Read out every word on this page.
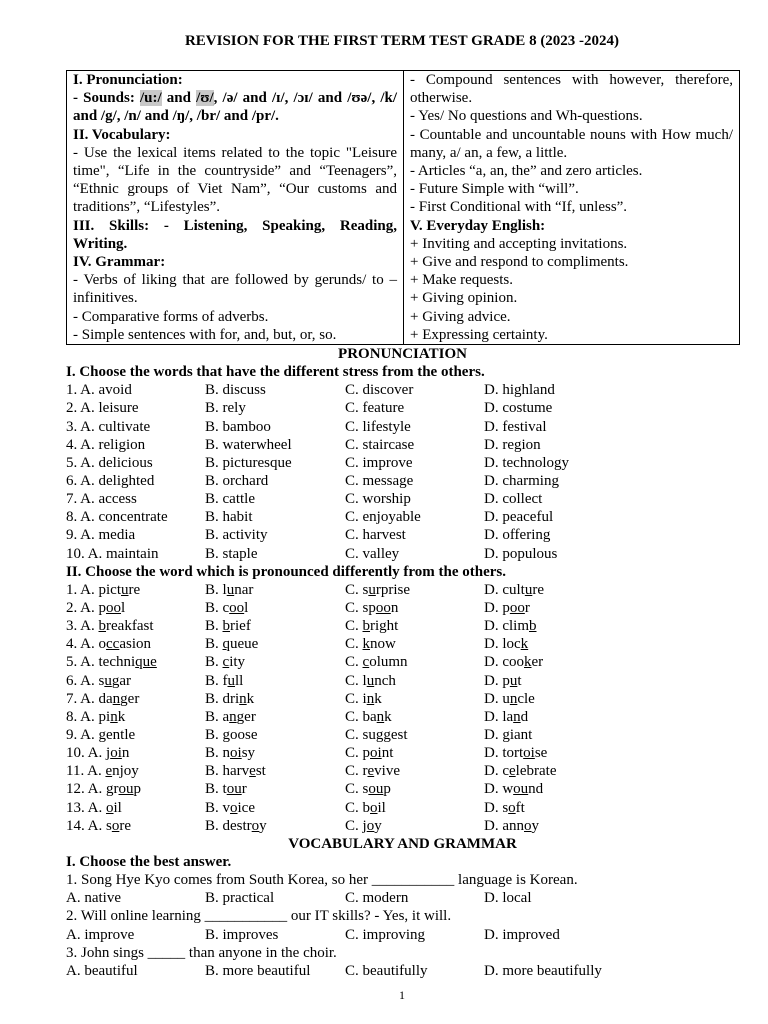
REVISION FOR THE FIRST TERM TEST GRADE 8 (2023 -2024)
I. Pronunciation:
- Sounds: /u:/ and /ʊ/, /ə/ and /ɪ/, /ɔɪ/ and /ʊə/, /k/ and /g/, /n/ and /ŋ/, /br/ and /pr/.
II. Vocabulary:
- Use the lexical items related to the topic "Leisure time", “Life in the countryside” and “Teenagers”, “Ethnic groups of Viet Nam”, “Our customs and traditions”, “Lifestyles”.
III. Skills: - Listening, Speaking, Reading, Writing.
IV. Grammar:
- Verbs of liking that are followed by gerunds/ to –infinitives.
- Comparative forms of adverbs.
- Simple sentences with for, and, but, or, so.

- Compound sentences with however, therefore, otherwise.
- Yes/ No questions and Wh-questions.
- Countable and uncountable nouns with How much/ many, a/ an, a few, a little.
- Articles “a, an, the” and zero articles.
- Future Simple with “will”.
- First Conditional with “If, unless”.
V. Everyday English:
+ Inviting and accepting invitations.
+ Give and respond to compliments.
+ Make requests.
+ Giving opinion.
+ Giving advice.
+ Expressing certainty.
PRONUNCIATION
I. Choose the words that have the different stress from the others.
1. A. avoid	B. discuss	C. discover	D. highland
2. A. leisure	B. rely	C. feature	D. costume
3. A. cultivate	B. bamboo	C. lifestyle	D. festival
4. A. religion	B. waterwheel	C. staircase	D. region
5. A. delicious	B. picturesque	C. improve	D. technology
6. A. delighted	B. orchard	C. message	D. charming
7. A. access	B. cattle	C. worship	D. collect
8. A. concentrate B. habit	C. enjoyable	D. peaceful
9. A. media	B. activity	C. harvest	D. offering
10. A. maintain	B. staple	C. valley	D. populous
II. Choose the word which is pronounced differently from the others.
1. A. picture	B. lunar	C. surprise	D. culture
2. A. pool	B. cool	C. spoon	D. poor
3. A. breakfast	B. brief	C. bright	D. climb
4. A. occasion	B. queue	C. know	D. lock
5. A. technique	B. city	C. column	D. cooker
6. A. sugar	B. full	C. lunch	D. put
7. A. danger	B. drink	C. ink	D. uncle
8. A. pink	B. anger	C. bank	D. land
9. A. gentle	B. goose	C. suggest	D. giant
10. A. join	B. noisy	C. point	D. tortoise
11. A. enjoy	B. harvest	C. revive	D. celebrate
12. A. group	B. tour	C. soup	D. wound
13. A. oil	B. voice	C. boil	D. soft
14. A. sore	B. destroy	C. joy	D. annoy
VOCABULARY AND GRAMMAR
I. Choose the best answer.
1. Song Hye Kyo comes from South Korea, so her ___________ language is Korean.
A. native	B. practical	C. modern	D. local
2. Will online learning ___________ our IT skills? - Yes, it will.
A. improve	B. improves	C. improving	D. improved
3. John sings _____ than anyone in the choir.
A. beautiful	B. more beautiful C. beautifully	D. more beautifully
1
